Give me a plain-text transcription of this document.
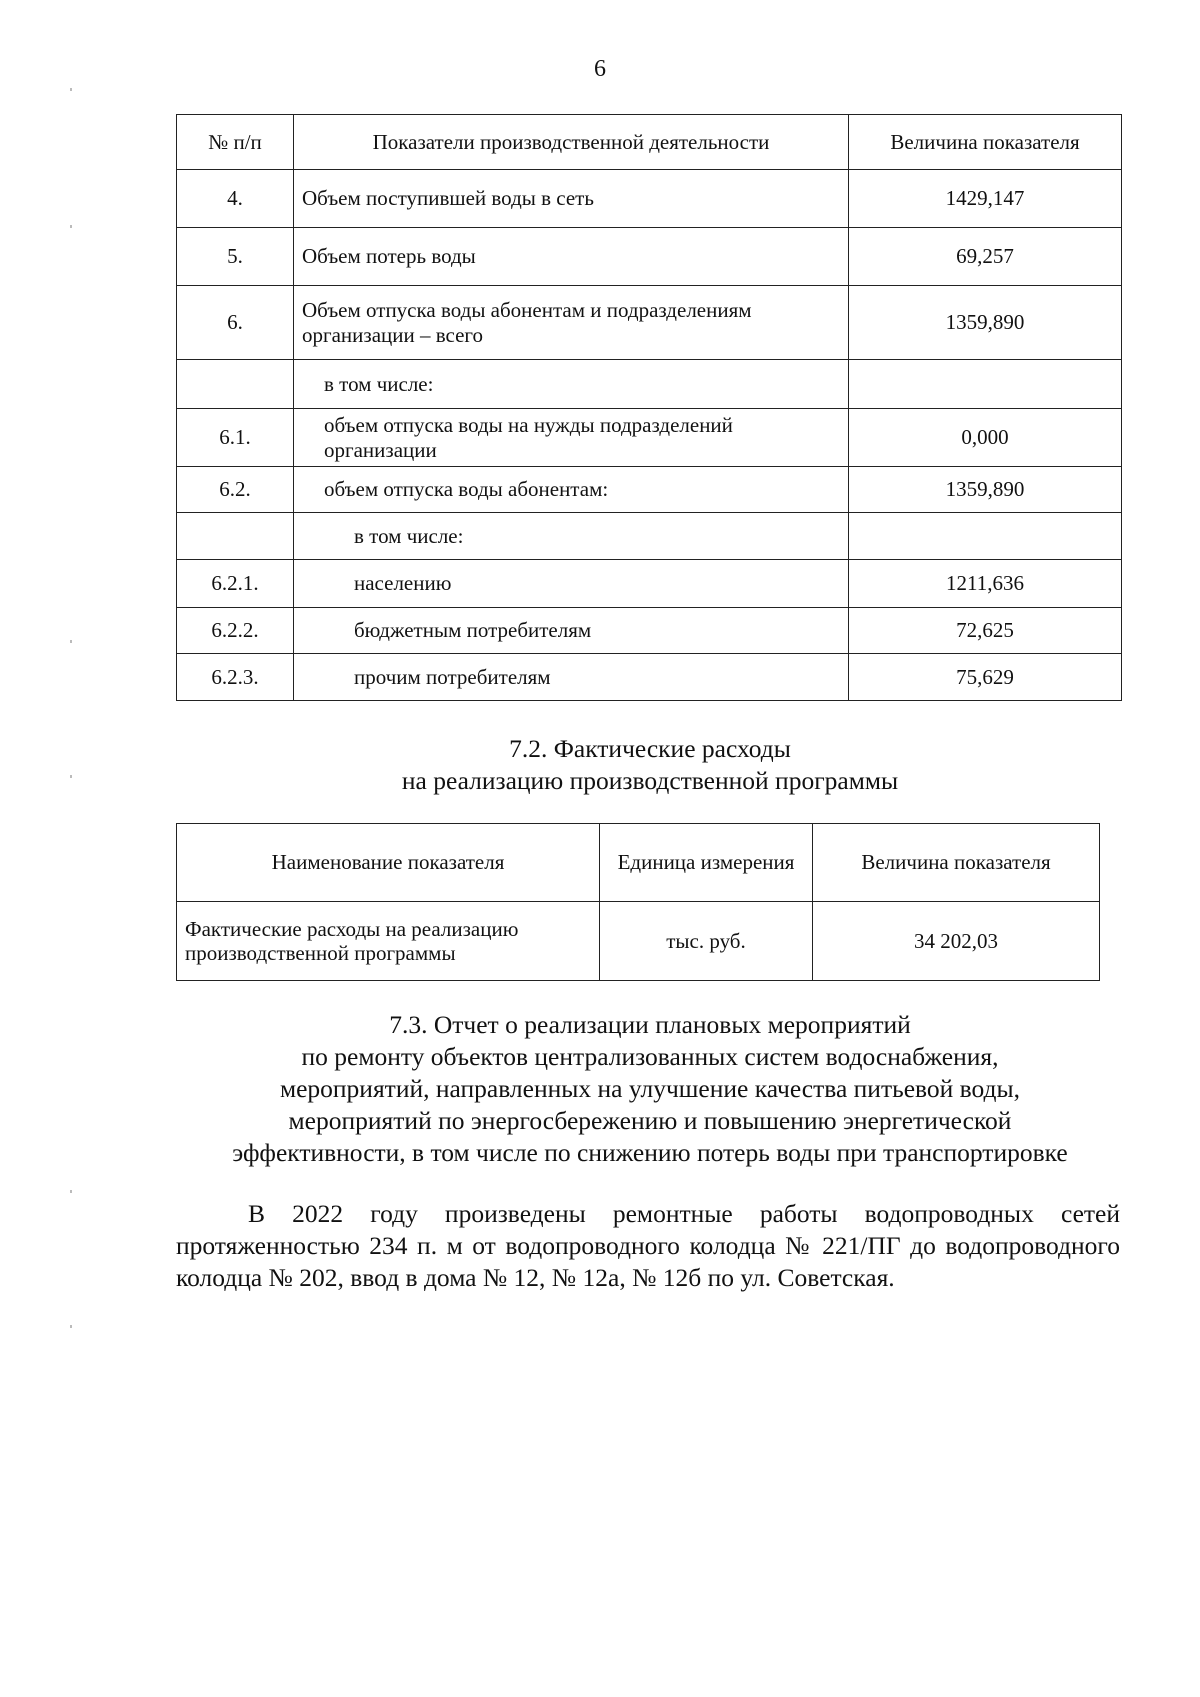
6
№ п/п	Показатели производственной деятельности	Величина показателя
4.	Объем поступившей воды в сеть	1429,147
5.	Объем потерь воды	69,257
6.	Объем отпуска воды абонентам и подразделениям организации – всего	1359,890
	в том числе:	
6.1.	объем отпуска воды на нужды подразделений организации	0,000
6.2.	объем отпуска воды абонентам:	1359,890
	в том числе:	
6.2.1.	населению	1211,636
6.2.2.	бюджетным потребителям	72,625
6.2.3.	прочим потребителям	75,629
7.2. Фактические расходы
на реализацию производственной программы
Наименование показателя	Единица измерения	Величина показателя
Фактические расходы на реализацию производственной программы	тыс. руб.	34 202,03
7.3. Отчет о реализации плановых мероприятий
по ремонту объектов централизованных систем водоснабжения,
мероприятий, направленных на улучшение качества питьевой воды,
мероприятий по энергосбережению и повышению энергетической
эффективности, в том числе по снижению потерь воды при транспортировке

В 2022 году произведены ремонтные работы водопроводных сетей протяженностью 234 п. м от водопроводного колодца № 221/ПГ до водопроводного колодца № 202, ввод в дома № 12, № 12а, № 12б по ул. Советская.
